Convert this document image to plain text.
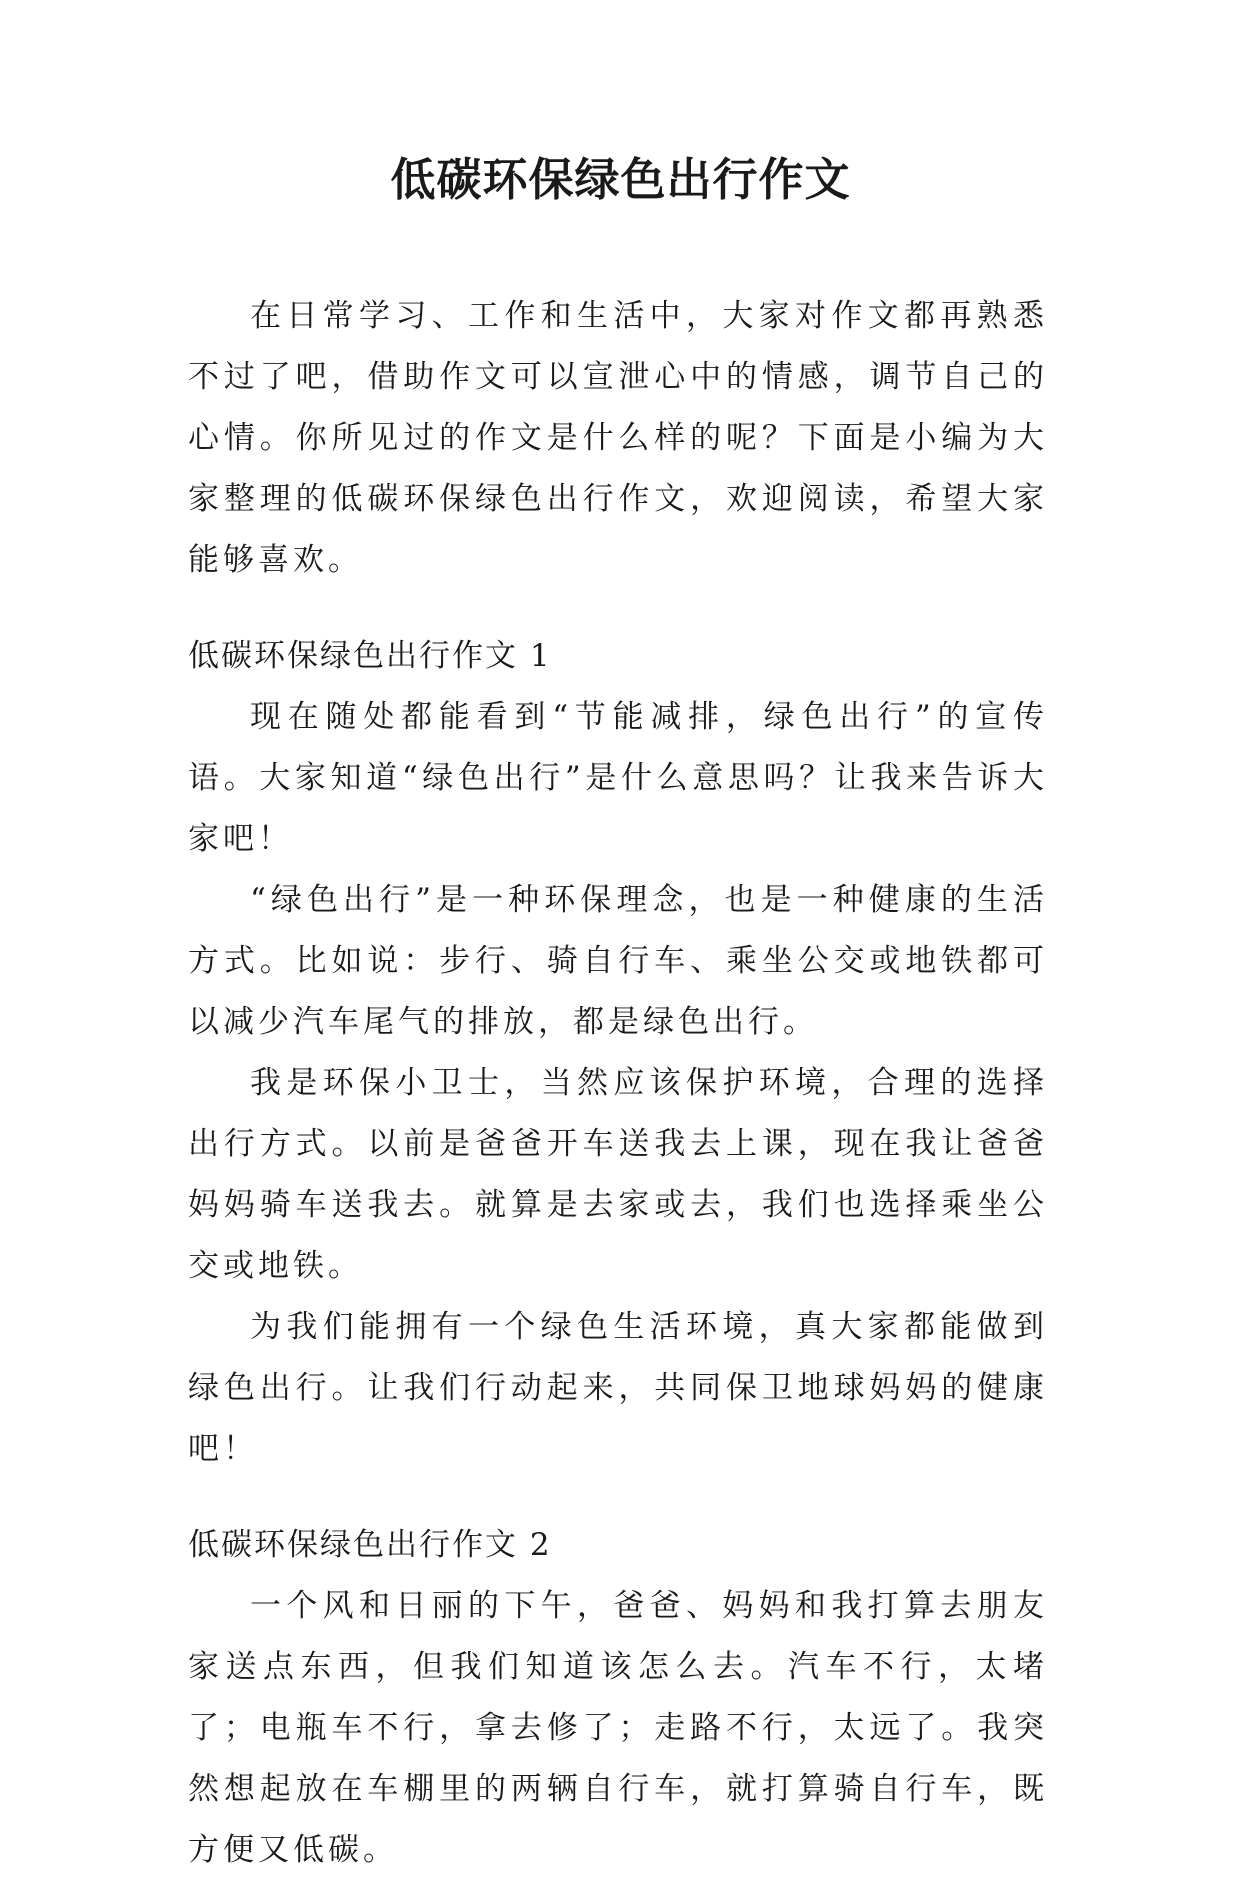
低碳环保绿色出行作文

在日常学习、工作和生活中，大家对作文都再熟悉不过了吧，借助作文可以宣泄心中的情感，调节自己的心情。你所见过的作文是什么样的呢？下面是小编为大家整理的低碳环保绿色出行作文，欢迎阅读，希望大家能够喜欢。

低碳环保绿色出行作文 1

现在随处都能看到“节能减排，绿色出行”的宣传语。大家知道“绿色出行”是什么意思吗？让我来告诉大家吧！

“绿色出行”是一种环保理念，也是一种健康的生活方式。比如说：步行、骑自行车、乘坐公交或地铁都可以减少汽车尾气的排放，都是绿色出行。

我是环保小卫士，当然应该保护环境，合理的选择出行方式。以前是爸爸开车送我去上课，现在我让爸爸妈妈骑车送我去。就算是去家或去，我们也选择乘坐公交或地铁。

为我们能拥有一个绿色生活环境，真大家都能做到绿色出行。让我们行动起来，共同保卫地球妈妈的健康吧！

低碳环保绿色出行作文 2

一个风和日丽的下午，爸爸、妈妈和我打算去朋友家送点东西，但我们知道该怎么去。汽车不行，太堵了；电瓶车不行，拿去修了；走路不行，太远了。我突然想起放在车棚里的两辆自行车，就打算骑自行车，既方便又低碳。
